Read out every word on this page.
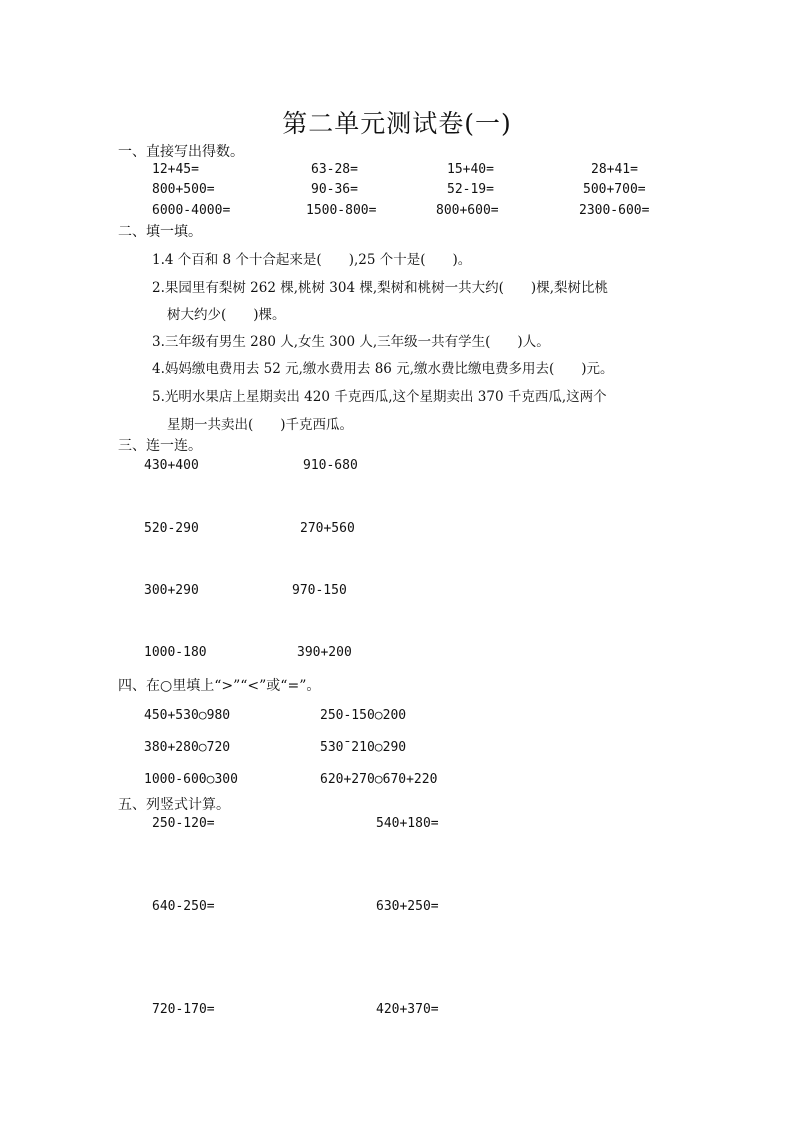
第二单元测试卷(一)
一、直接写出得数。
12+45=	63-28=	15+40=	28+41=
800+500=	90-36=	52-19=	500+700=
6000-4000=	1500-800=	800+600=	2300-600=
二、填一填。
1.4 个百和 8 个十合起来是(　　),25 个十是(　　)。
2.果园里有梨树 262 棵,桃树 304 棵,梨树和桃树一共大约(　　)棵,梨树比桃
树大约少(　　)棵。
3.三年级有男生 280 人,女生 300 人,三年级一共有学生(　　)人。
4.妈妈缴电费用去 52 元,缴水费用去 86 元,缴水费比缴电费多用去(　　)元。
5.光明水果店上星期卖出 420 千克西瓜,这个星期卖出 370 千克西瓜,这两个
星期一共卖出(　　)千克西瓜。
三、连一连。
430+400	910-680
520-290	270+560
300+290	970-150
1000-180	390+200
四、在○里填上“>”“<”或“=”。
450+530○980	250-150○200
380+280○720	530¯210○290
1000-600○300	620+270○670+220
五、列竖式计算。
250-120=	540+180=
640-250=	630+250=
720-170=	420+370=
